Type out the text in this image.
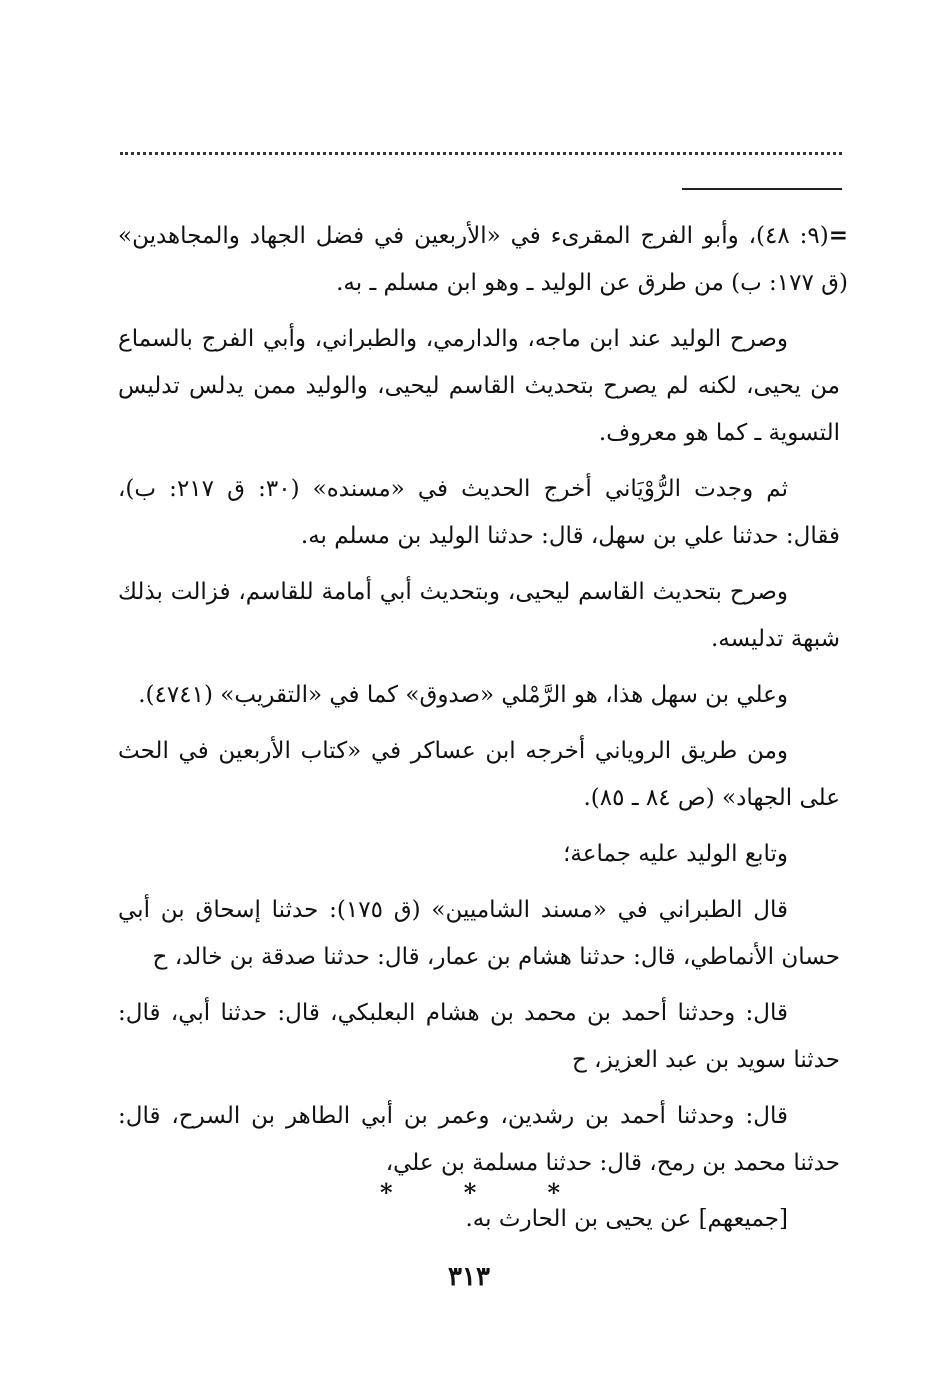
=(٩: ٤٨)، وأبو الفرج المقرىء في «الأربعين في فضل الجهاد والمجاهدين» (ق ١٧٧: ب) من طرق عن الوليد ـ وهو ابن مسلم ـ به.

وصرح الوليد عند ابن ماجه، والدارمي، والطبراني، وأبي الفرج بالسماع من يحيى، لكنه لم يصرح بتحديث القاسم ليحيى، والوليد ممن يدلس تدليس التسوية ـ كما هو معروف.

ثم وجدت الرُّوْيَاني أخرج الحديث في «مسنده» (٣٠: ق ٢١٧: ب)، فقال: حدثنا علي بن سهل، قال: حدثنا الوليد بن مسلم به.

وصرح بتحديث القاسم ليحيى، وبتحديث أبي أمامة للقاسم، فزالت بذلك شبهة تدليسه.

وعلي بن سهل هذا، هو الرَّمْلي «صدوق» كما في «التقريب» (٤٧٤١).

ومن طريق الروياني أخرجه ابن عساكر في «كتاب الأربعين في الحث على الجهاد» (ص ٨٤ ـ ٨٥).

وتابع الوليد عليه جماعة؛

قال الطبراني في «مسند الشاميين» (ق ١٧٥): حدثنا إسحاق بن أبي حسان الأنماطي، قال: حدثنا هشام بن عمار، قال: حدثنا صدقة بن خالد، ح

قال: وحدثنا أحمد بن محمد بن هشام البعلبكي، قال: حدثنا أبي، قال: حدثنا سويد بن عبد العزيز، ح

قال: وحدثنا أحمد بن رشدين، وعمر بن أبي الطاهر بن السرح، قال: حدثنا محمد بن رمح، قال: حدثنا مسلمة بن علي،

[جميعهم] عن يحيى بن الحارث به.

*	*	*
٣١٣
